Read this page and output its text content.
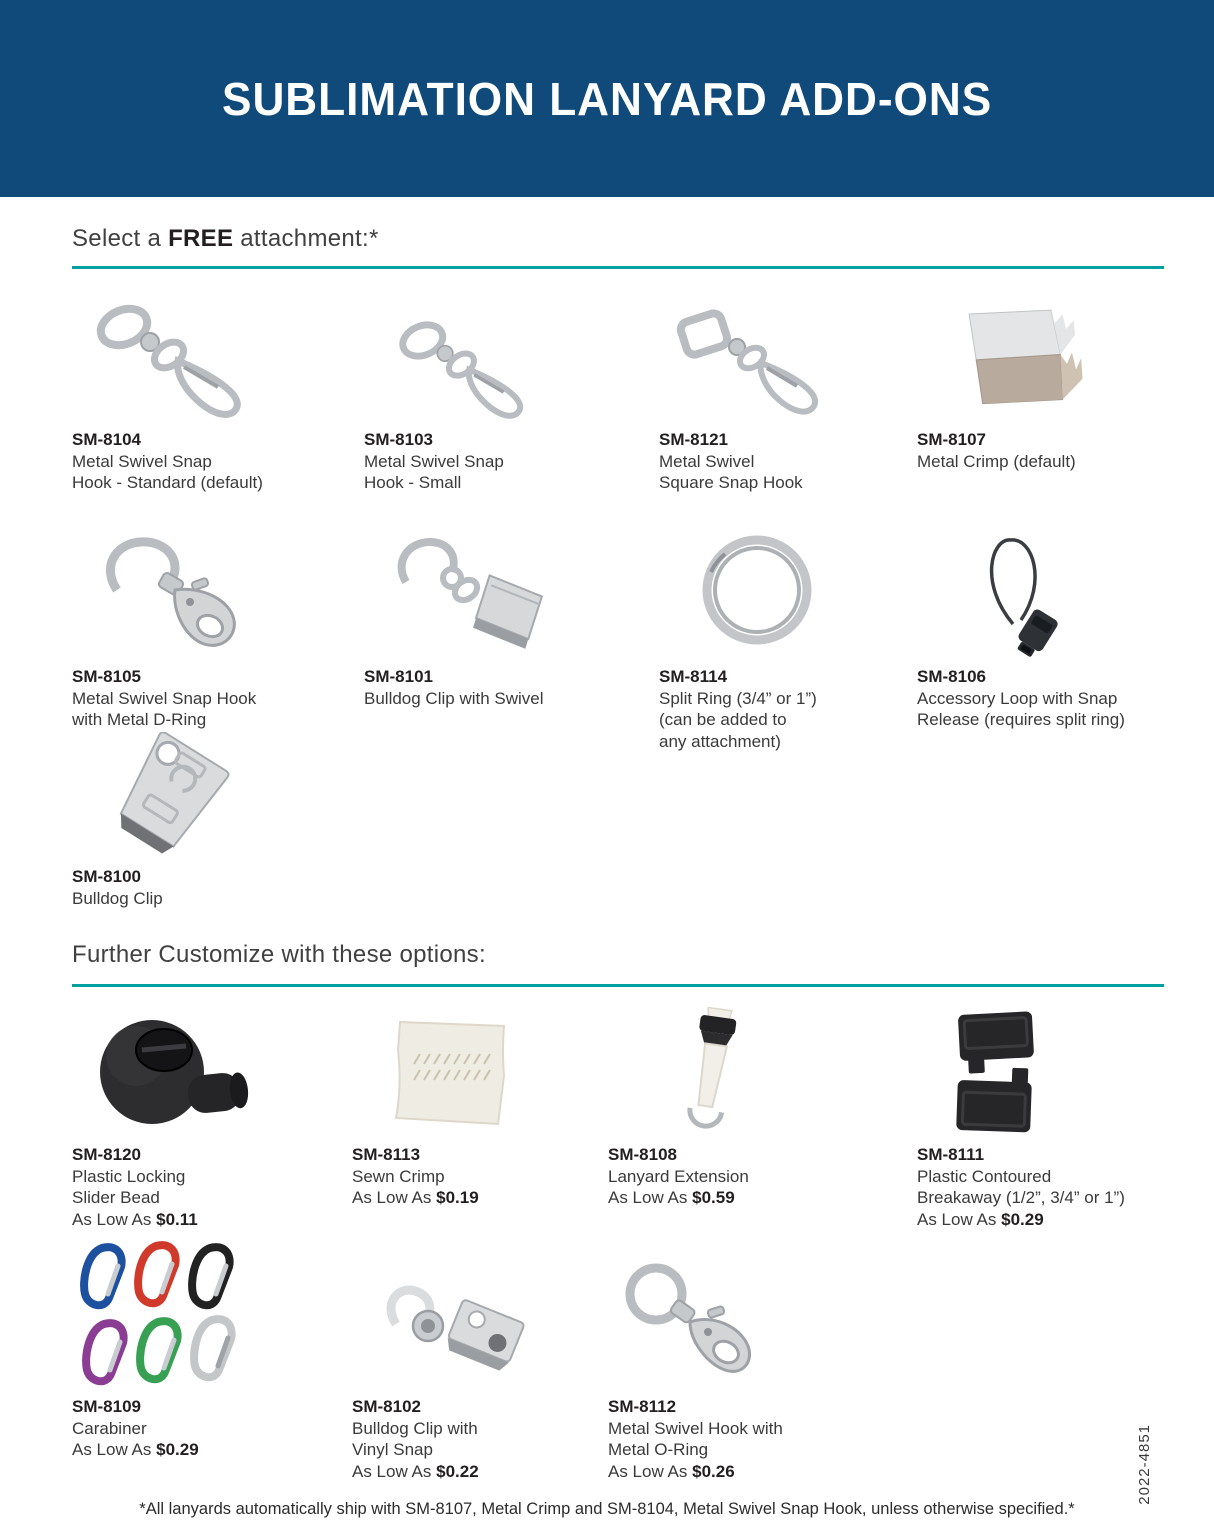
SUBLIMATION LANYARD ADD-ONS
Select a FREE attachment:*
SM-8104
Metal Swivel Snap
Hook - Standard (default)
SM-8103
Metal Swivel Snap
Hook - Small
SM-8121
Metal Swivel
Square Snap Hook
SM-8107
Metal Crimp (default)
SM-8105
Metal Swivel Snap Hook
with Metal D-Ring
SM-8101
Bulldog Clip with Swivel
SM-8114
Split Ring (3/4” or 1”)
(can be added to
any attachment)
SM-8106
Accessory Loop with Snap
Release (requires split ring)
SM-8100
Bulldog Clip
Further Customize with these options:
SM-8120
Plastic Locking
Slider Bead
As Low As $0.11
SM-8113
Sewn Crimp
As Low As $0.19
SM-8108
Lanyard Extension
As Low As $0.59
SM-8111
Plastic Contoured
Breakaway (1/2”, 3/4” or 1”)
As Low As $0.29
SM-8109
Carabiner
As Low As $0.29
SM-8102
Bulldog Clip with
Vinyl Snap
As Low As $0.22
SM-8112
Metal Swivel Hook with
Metal O-Ring
As Low As $0.26
*All lanyards automatically ship with SM-8107, Metal Crimp and SM-8104, Metal Swivel Snap Hook, unless otherwise specified.*
2022-4851
